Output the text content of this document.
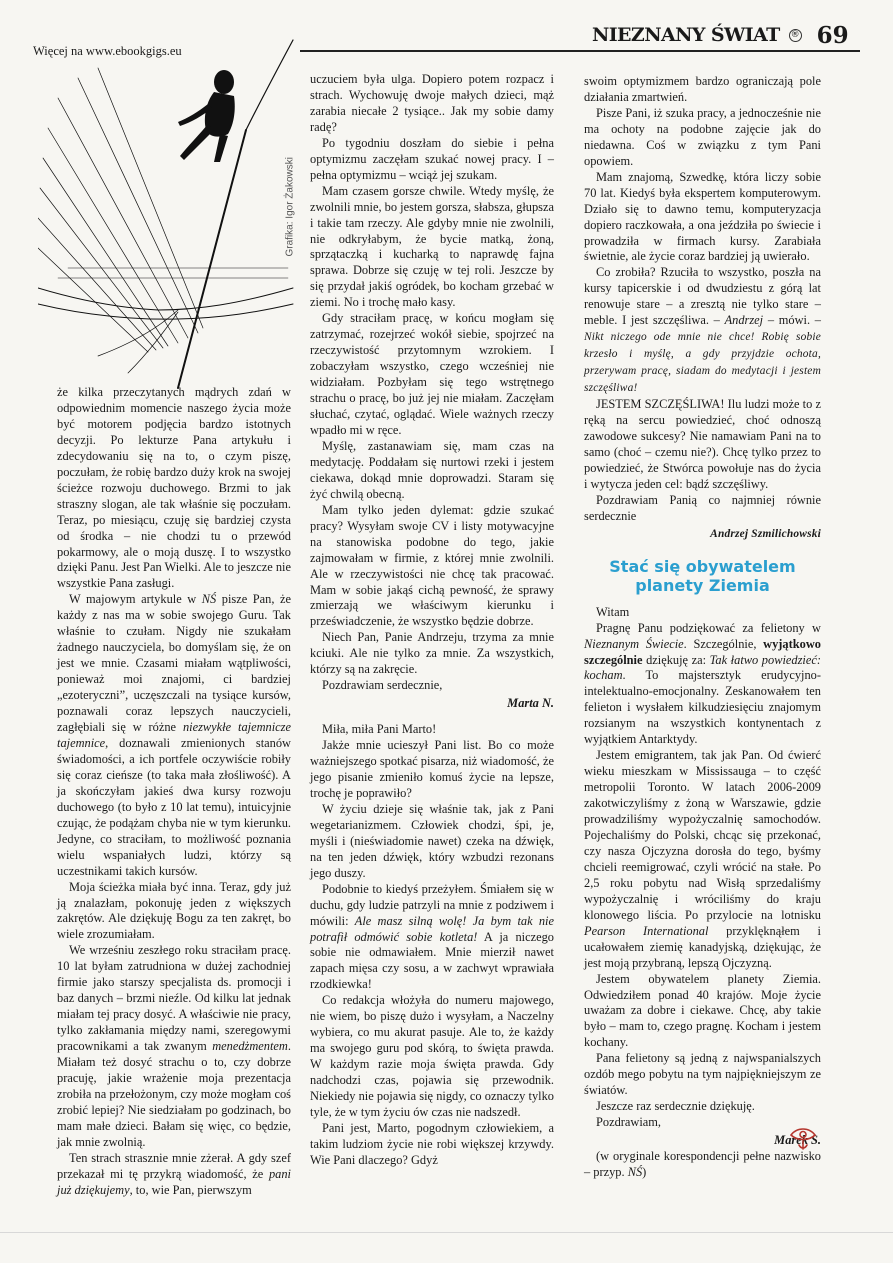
Więcej na www.ebookgigs.eu
NIEZNANY ŚWIAT ® 69
Grafika: Igor Żakowski

że kilka przeczytanych mądrych zdań w odpowiednim momencie naszego życia może być motorem podjęcia bardzo istotnych decyzji. Po lekturze Pana artykułu i zdecydowaniu się na to, o czym piszę, poczułam, że robię bardzo duży krok na swojej ścieżce rozwoju duchowego. Brzmi to jak straszny slogan, ale tak właśnie się poczułam. Teraz, po miesiącu, czuję się bardziej czysta od środka – nie chodzi tu o przewód pokarmowy, ale o moją duszę. I to wszystko dzięki Panu. Jest Pan Wielki. Ale to jeszcze nie wszystkie Pana zasługi.

W majowym artykule w NŚ pisze Pan, że każdy z nas ma w sobie swojego Guru. Tak właśnie to czułam. Nigdy nie szukałam żadnego nauczyciela, bo domyślam się, że on jest we mnie. Czasami miałam wątpliwości, ponieważ moi znajomi, ci bardziej „ezoteryczni”, uczęszczali na tysiące kursów, poznawali coraz lepszych nauczycieli, zagłębiali się w różne niezwykłe tajemnicze tajemnice, doznawali zmienionych stanów świadomości, a ich portfele oczywiście robiły się coraz cieńsze (to taka mała złośliwość). A ja skończyłam jakieś dwa kursy rozwoju duchowego (to było z 10 lat temu), intuicyjnie czując, że podążam chyba nie w tym kierunku. Jedyne, co straciłam, to możliwość poznania wielu wspaniałych ludzi, którzy są uczestnikami takich kursów.

Moja ścieżka miała być inna. Teraz, gdy już ją znalazłam, pokonuję jeden z większych zakrętów. Ale dziękuję Bogu za ten zakręt, bo wiele zrozumiałam.

We wrześniu zeszłego roku straciłam pracę. 10 lat byłam zatrudniona w dużej zachodniej firmie jako starszy specjalista ds. promocji i baz danych – brzmi nieźle. Od kilku lat jednak miałam tej pracy dosyć. A właściwie nie pracy, tylko zakłamania między nami, szeregowymi pracownikami a tak zwanym menedżmentem. Miałam też dosyć strachu o to, czy dobrze pracuję, jakie wrażenie moja prezentacja zrobiła na przełożonym, czy może mogłam coś zrobić lepiej? Nie siedziałam po godzinach, bo mam małe dzieci. Bałam się więc, co będzie, jak mnie zwolnią.

Ten strach strasznie mnie zżerał. A gdy szef przekazał mi tę przykrą wiadomość, że pani już dziękujemy, to, wie Pan, pierwszym

uczuciem była ulga. Dopiero potem rozpacz i strach. Wychowuję dwoje małych dzieci, mąż zarabia niecałe 2 tysiące.. Jak my sobie damy radę?

Po tygodniu doszłam do siebie i pełna optymizmu zaczęłam szukać nowej pracy. I – pełna optymizmu – wciąż jej szukam.

Mam czasem gorsze chwile. Wtedy myślę, że zwolnili mnie, bo jestem gorsza, słabsza, głupsza i takie tam rzeczy. Ale gdyby mnie nie zwolnili, nie odkryłabym, że bycie matką, żoną, sprzątaczką i kucharką to naprawdę fajna sprawa. Dobrze się czuję w tej roli. Jeszcze by się przydał jakiś ogródek, bo kocham grzebać w ziemi. No i trochę mało kasy.

Gdy straciłam pracę, w końcu mogłam się zatrzymać, rozejrzeć wokół siebie, spojrzeć na rzeczywistość przytomnym wzrokiem. I zobaczyłam wszystko, czego wcześniej nie widziałam. Pozbyłam się tego wstrętnego strachu o pracę, bo już jej nie miałam. Zaczęłam słuchać, czytać, oglądać. Wiele ważnych rzeczy wpadło mi w ręce.

Myślę, zastanawiam się, mam czas na medytację. Poddałam się nurtowi rzeki i jestem ciekawa, dokąd mnie doprowadzi. Staram się żyć chwilą obecną.

Mam tylko jeden dylemat: gdzie szukać pracy? Wysyłam swoje CV i listy motywacyjne na stanowiska podobne do tego, jakie zajmowałam w firmie, z której mnie zwolnili. Ale w rzeczywistości nie chcę tak pracować. Mam w sobie jakąś cichą pewność, że sprawy zmierzają we właściwym kierunku i przeświadczenie, że wszystko będzie dobrze.

Niech Pan, Panie Andrzeju, trzyma za mnie kciuki. Ale nie tylko za mnie. Za wszystkich, którzy są na zakręcie.

Pozdrawiam serdecznie,

Marta N.

Miła, miła Pani Marto!

Jakże mnie ucieszył Pani list. Bo co może ważniejszego spotkać pisarza, niż wiadomość, że jego pisanie zmieniło komuś życie na lepsze, trochę je poprawiło?

W życiu dzieje się właśnie tak, jak z Pani wegetarianizmem. Człowiek chodzi, śpi, je, myśli i (nieświadomie nawet) czeka na dźwięk, na ten jeden dźwięk, który wzbudzi rezonans jego duszy.

Podobnie to kiedyś przeżyłem. Śmiałem się w duchu, gdy ludzie patrzyli na mnie z podziwem i mówili: Ale masz silną wolę! Ja bym tak nie potrafił odmówić sobie kotleta! A ja niczego sobie nie odmawiałem. Mnie mierził nawet zapach mięsa czy sosu, a w zachwyt wprawiała rzodkiewka!

Co redakcja włożyła do numeru majowego, nie wiem, bo piszę dużo i wysyłam, a Naczelny wybiera, co mu akurat pasuje. Ale to, że każdy ma swojego guru pod skórą, to święta prawda. W każdym razie moja święta prawda. Gdy nadchodzi czas, pojawia się przewodnik. Niekiedy nie pojawia się nigdy, co oznaczy tylko tyle, że w tym życiu ów czas nie nadszedł.

Pani jest, Marto, pogodnym człowiekiem, a takim ludziom życie nie robi większej krzywdy. Wie Pani dlaczego? Gdyż

swoim optymizmem bardzo ograniczają pole działania zmartwień.

Pisze Pani, iż szuka pracy, a jednocześnie nie ma ochoty na podobne zajęcie jak do niedawna. Coś w związku z tym Pani opowiem.

Mam znajomą, Szwedkę, która liczy sobie 70 lat. Kiedyś była ekspertem komputerowym. Działo się to dawno temu, komputeryzacja dopiero raczkowała, a ona jeździła po świecie i prowadziła w firmach kursy. Zarabiała świetnie, ale życie coraz bardziej ją uwierało.

Co zrobiła? Rzuciła to wszystko, poszła na kursy tapicerskie i od dwudziestu z górą lat renowuje stare – a zresztą nie tylko stare – meble. I jest szczęśliwa. – Andrzej – mówi. – Nikt niczego ode mnie nie chce! Robię sobie krzesło i myślę, a gdy przyjdzie ochota, przerywam pracę, siadam do medytacji i jestem szczęśliwa!

JESTEM SZCZĘŚLIWA! Ilu ludzi może to z ręką na sercu powiedzieć, choć odnoszą zawodowe sukcesy? Nie namawiam Pani na to samo (choć – czemu nie?). Chcę tylko przez to powiedzieć, że Stwórca powołuje nas do życia i wytycza jeden cel: bądź szczęśliwy.

Pozdrawiam Panią co najmniej równie serdecznie

Andrzej Szmilichowski
Stać się obywatelem
planety Ziemia

Witam

Pragnę Panu podziękować za felietony w Nieznanym Świecie. Szczególnie, wyjątkowo szczególnie dziękuję za: Tak łatwo powiedzieć: kocham. To majstersztyk erudycyjno-intelektualno-emocjonalny. Zeskanowałem ten felieton i wysłałem kilkudziesięciu znajomym rozsianym na wszystkich kontynentach z wyjątkiem Antarktydy.

Jestem emigrantem, tak jak Pan. Od ćwierć wieku mieszkam w Mississauga – to część metropolii Toronto. W latach 2006-2009 zakotwiczyliśmy z żoną w Warszawie, gdzie prowadziliśmy wypożyczalnię samochodów. Pojechaliśmy do Polski, chcąc się przekonać, czy nasza Ojczyzna dorosła do tego, byśmy chcieli reemigrować, czyli wrócić na stałe. Po 2,5 roku pobytu nad Wisłą sprzedaliśmy wypożyczalnię i wróciliśmy do kraju klonowego liścia. Po przylocie na lotnisku Pearson International przyklęknąłem i ucałowałem ziemię kanadyjską, dziękując, że jest moją przybraną, lepszą Ojczyzną.

Jestem obywatelem planety Ziemia. Odwiedziłem ponad 40 krajów. Moje życie uważam za dobre i ciekawe. Chcę, aby takie było – mam to, czego pragnę. Kocham i jestem kochany.

Pana felietony są jedną z najwspanialszych ozdób mego pobytu na tym najpiękniejszym ze światów.

Jeszcze raz serdecznie dziękuję.

Pozdrawiam,

Marek S.

(w oryginale korespondencji pełne nazwisko – przyp. NŚ)
